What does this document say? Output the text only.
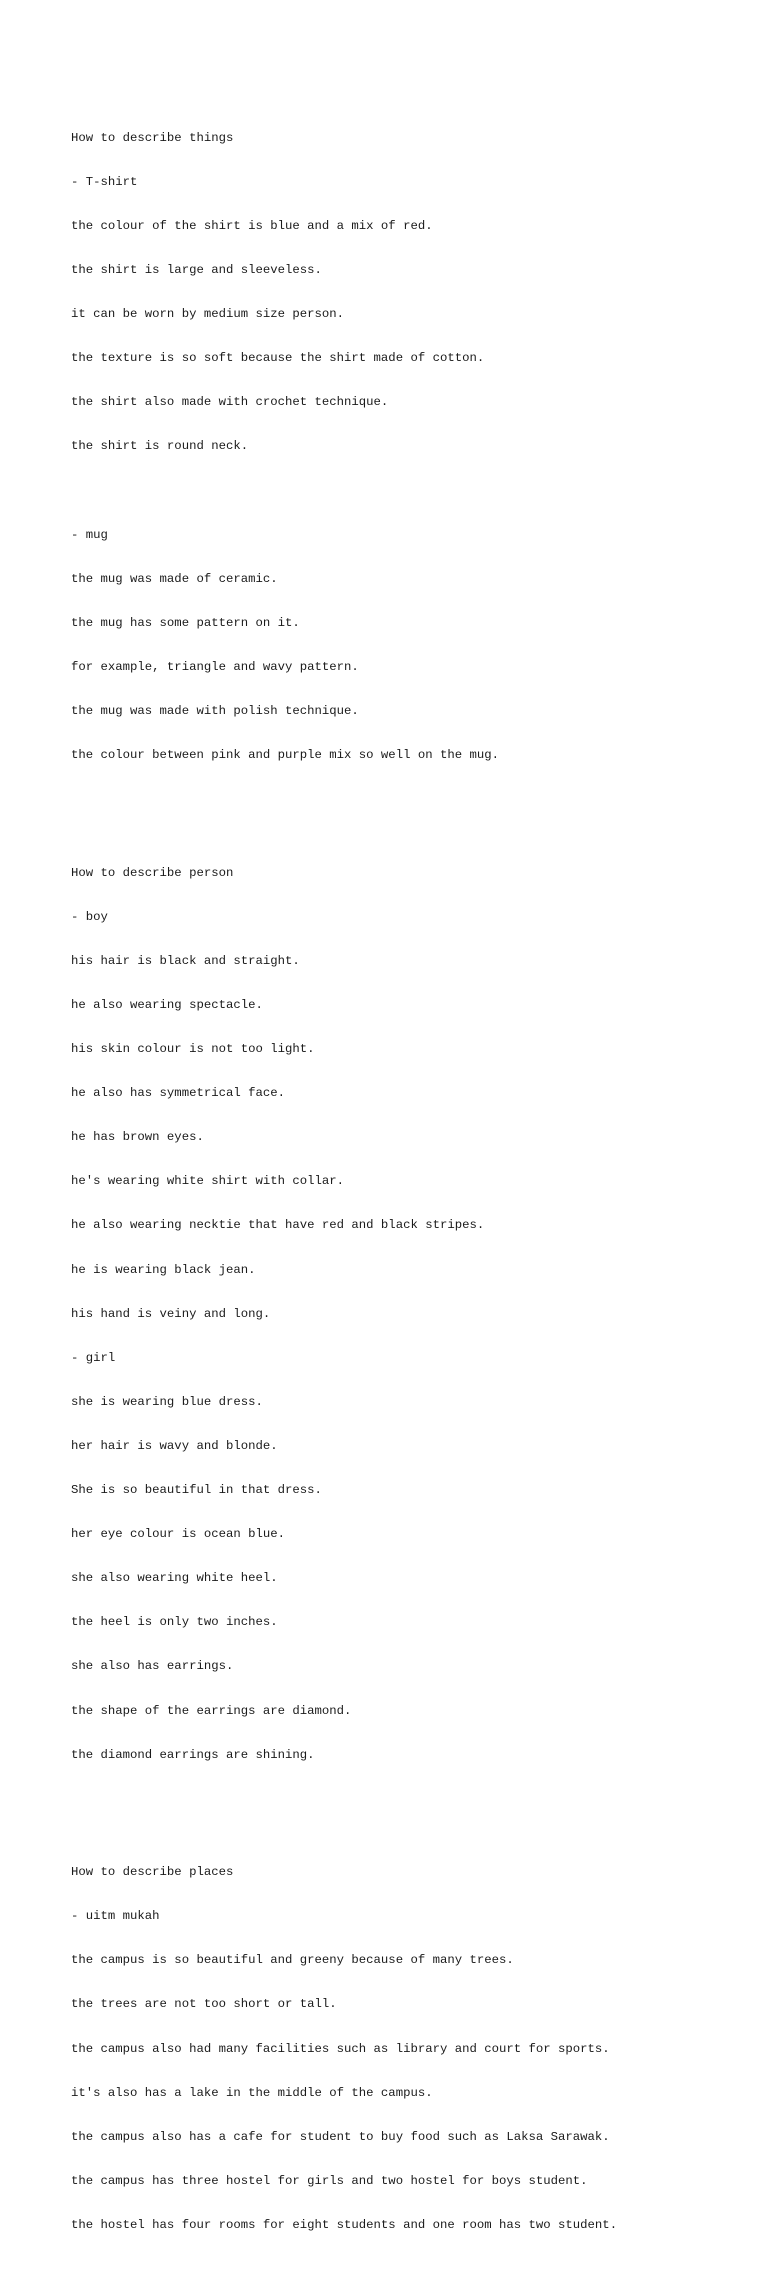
How to describe things

- T-shirt

the colour of the shirt is blue and a mix of red.

the shirt is large and sleeveless.

it can be worn by medium size person.

the texture is so soft because the shirt made of cotton.

the shirt also made with crochet technique.

the shirt is round neck.

- mug

the mug was made of ceramic.

the mug has some pattern on it.

for example, triangle and wavy pattern.

the mug was made with polish technique.

the colour between pink and purple mix so well on the mug.

How to describe person

- boy

his hair is black and straight.

he also wearing spectacle.

his skin colour is not too light.

he also has symmetrical face.

he has brown eyes.

he's wearing white shirt with collar.

he also wearing necktie that have red and black stripes.

he is wearing black jean.

his hand is veiny and long.

- girl

she is wearing blue dress.

her hair is wavy and blonde.

She is so beautiful in that dress.

her eye colour is ocean blue.

she also wearing white heel.

the heel is only two inches.

she also has earrings.

the shape of the earrings are diamond.

the diamond earrings are shining.

How to describe places

- uitm mukah

the campus is so beautiful and greeny because of many trees.

the trees are not too short or tall.

the campus also had many facilities such as library and court for sports.

it's also has a lake in the middle of the campus.

the campus also has a cafe for student to buy food such as Laksa Sarawak.

the campus has three hostel for girls and two hostel for boys student.

the hostel has four rooms for eight students and one room has two student.
